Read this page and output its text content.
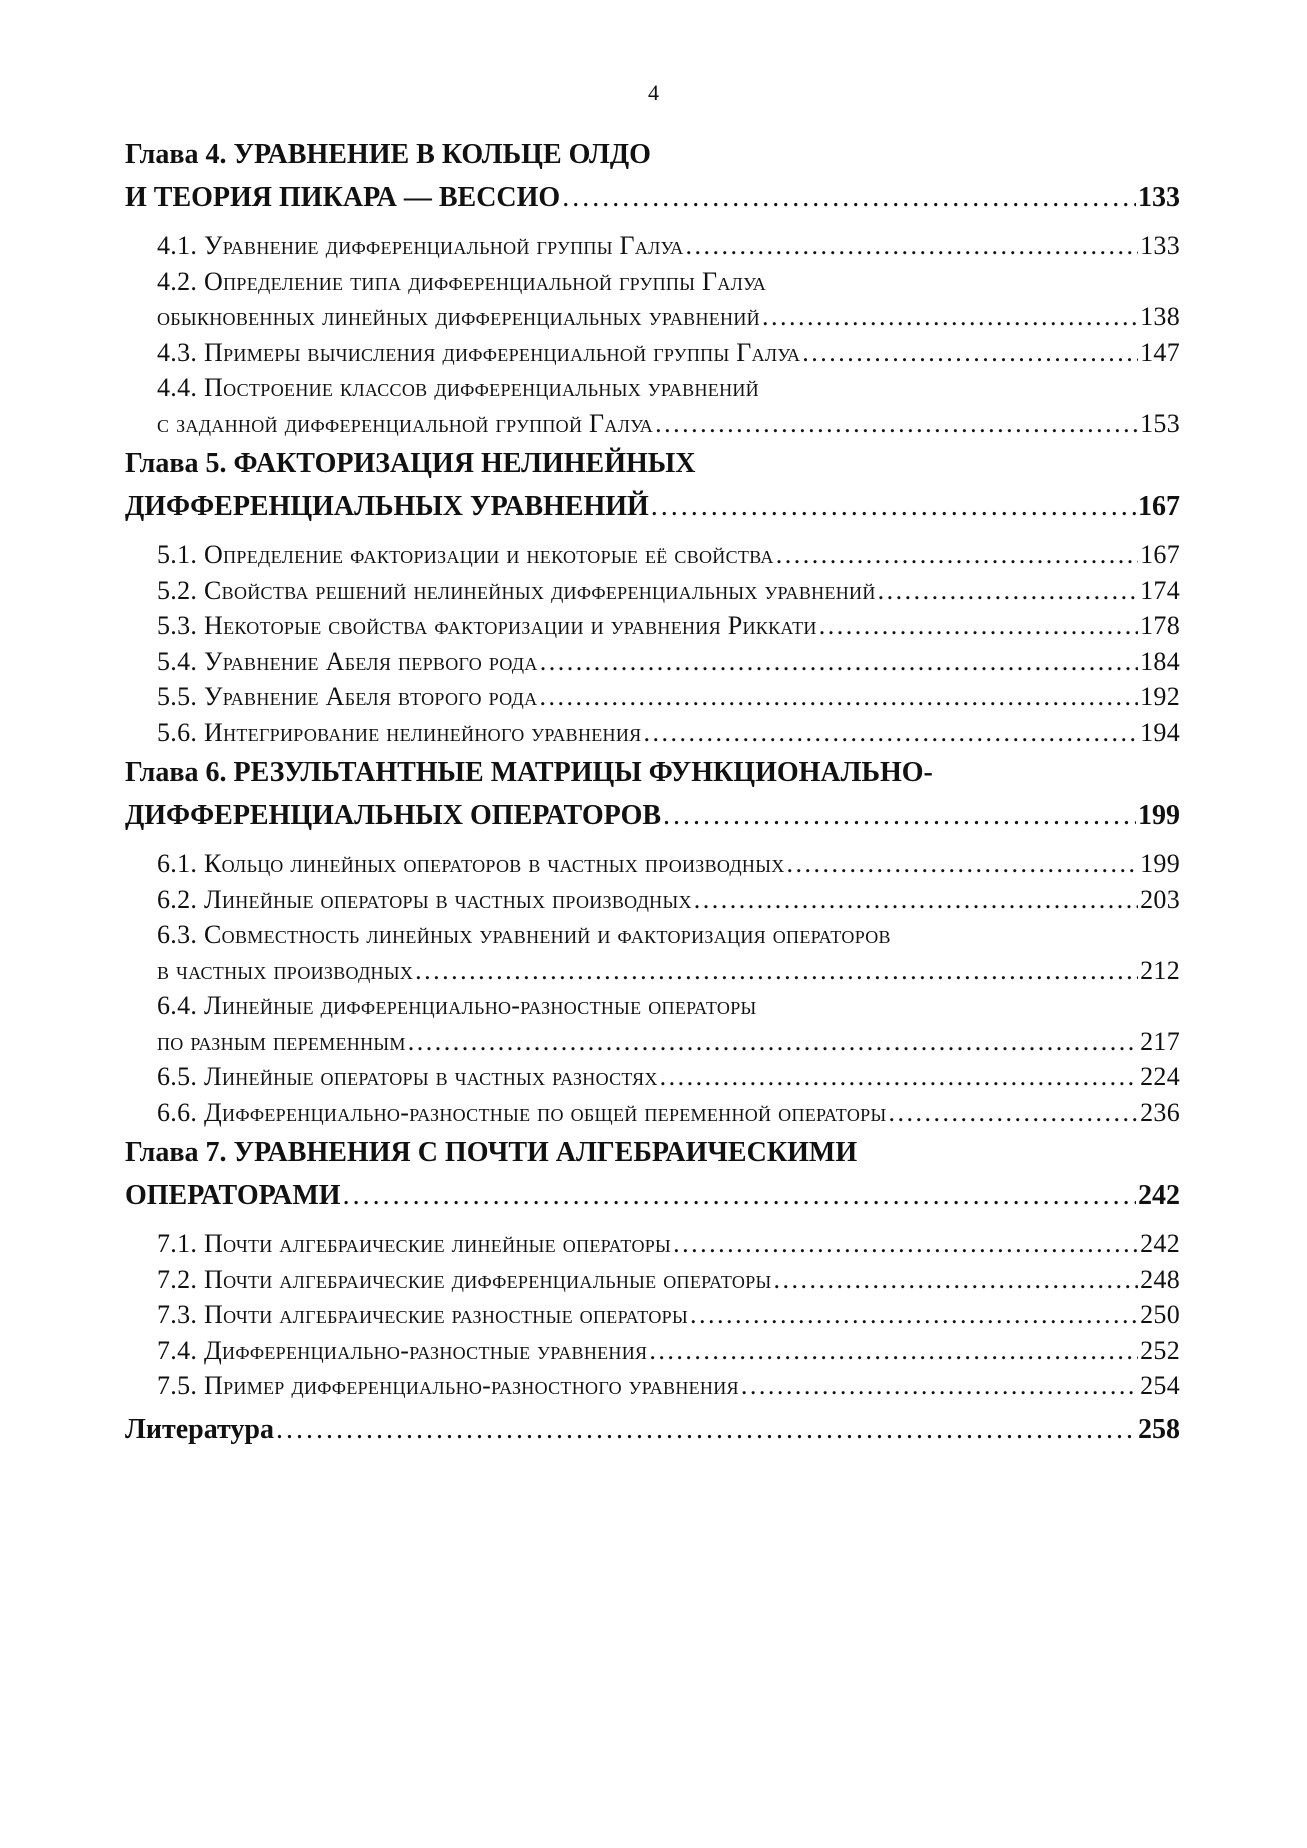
4
Глава 4. УРАВНЕНИЕ В КОЛЬЦЕ ОЛДО
И ТЕОРИЯ ПИКАРА — ВЕССИО . . .	133
4.1. Уравнение дифференциальной группы Галуа . . .	133
4.2. Определение типа дифференциальной группы Галуа
обыкновенных линейных дифференциальных уравнений . . .	138
4.3. Примеры вычисления дифференциальной группы Галуа . . .	147
4.4. Построение классов дифференциальных уравнений
с заданной дифференциальной группой Галуа . . .	153
Глава 5. ФАКТОРИЗАЦИЯ НЕЛИНЕЙНЫХ
ДИФФЕРЕНЦИАЛЬНЫХ УРАВНЕНИЙ . . .	167
5.1. Определение факторизации и некоторые её свойства . . .	167
5.2. Свойства решений нелинейных дифференциальных уравнений . . .	174
5.3. Некоторые свойства факторизации и уравнения Риккати . . .	178
5.4. Уравнение Абеля первого рода . . .	184
5.5. Уравнение Абеля второго рода . . .	192
5.6. Интегрирование нелинейного уравнения . . .	194
Глава 6. РЕЗУЛЬТАНТНЫЕ МАТРИЦЫ ФУНКЦИОНАЛЬНО-
ДИФФЕРЕНЦИАЛЬНЫХ ОПЕРАТОРОВ . . .	199
6.1. Кольцо линейных операторов в частных производных . . .	199
6.2. Линейные операторы в частных производных . . .	203
6.3. Совместность линейных уравнений и факторизация операторов
в частных производных . . .	212
6.4. Линейные дифференциально-разностные операторы
по разным переменным . . .	217
6.5. Линейные операторы в частных разностях . . .	224
6.6. Дифференциально-разностные по общей переменной операторы . . .	236
Глава 7. УРАВНЕНИЯ С ПОЧТИ АЛГЕБРАИЧЕСКИМИ
ОПЕРАТОРАМИ . . .	242
7.1. Почти алгебраические линейные операторы . . .	242
7.2. Почти алгебраические дифференциальные операторы . . .	248
7.3. Почти алгебраические разностные операторы . . .	250
7.4. Дифференциально-разностные уравнения . . .	252
7.5. Пример дифференциально-разностного уравнения . . .	254
Литература . . .	258
